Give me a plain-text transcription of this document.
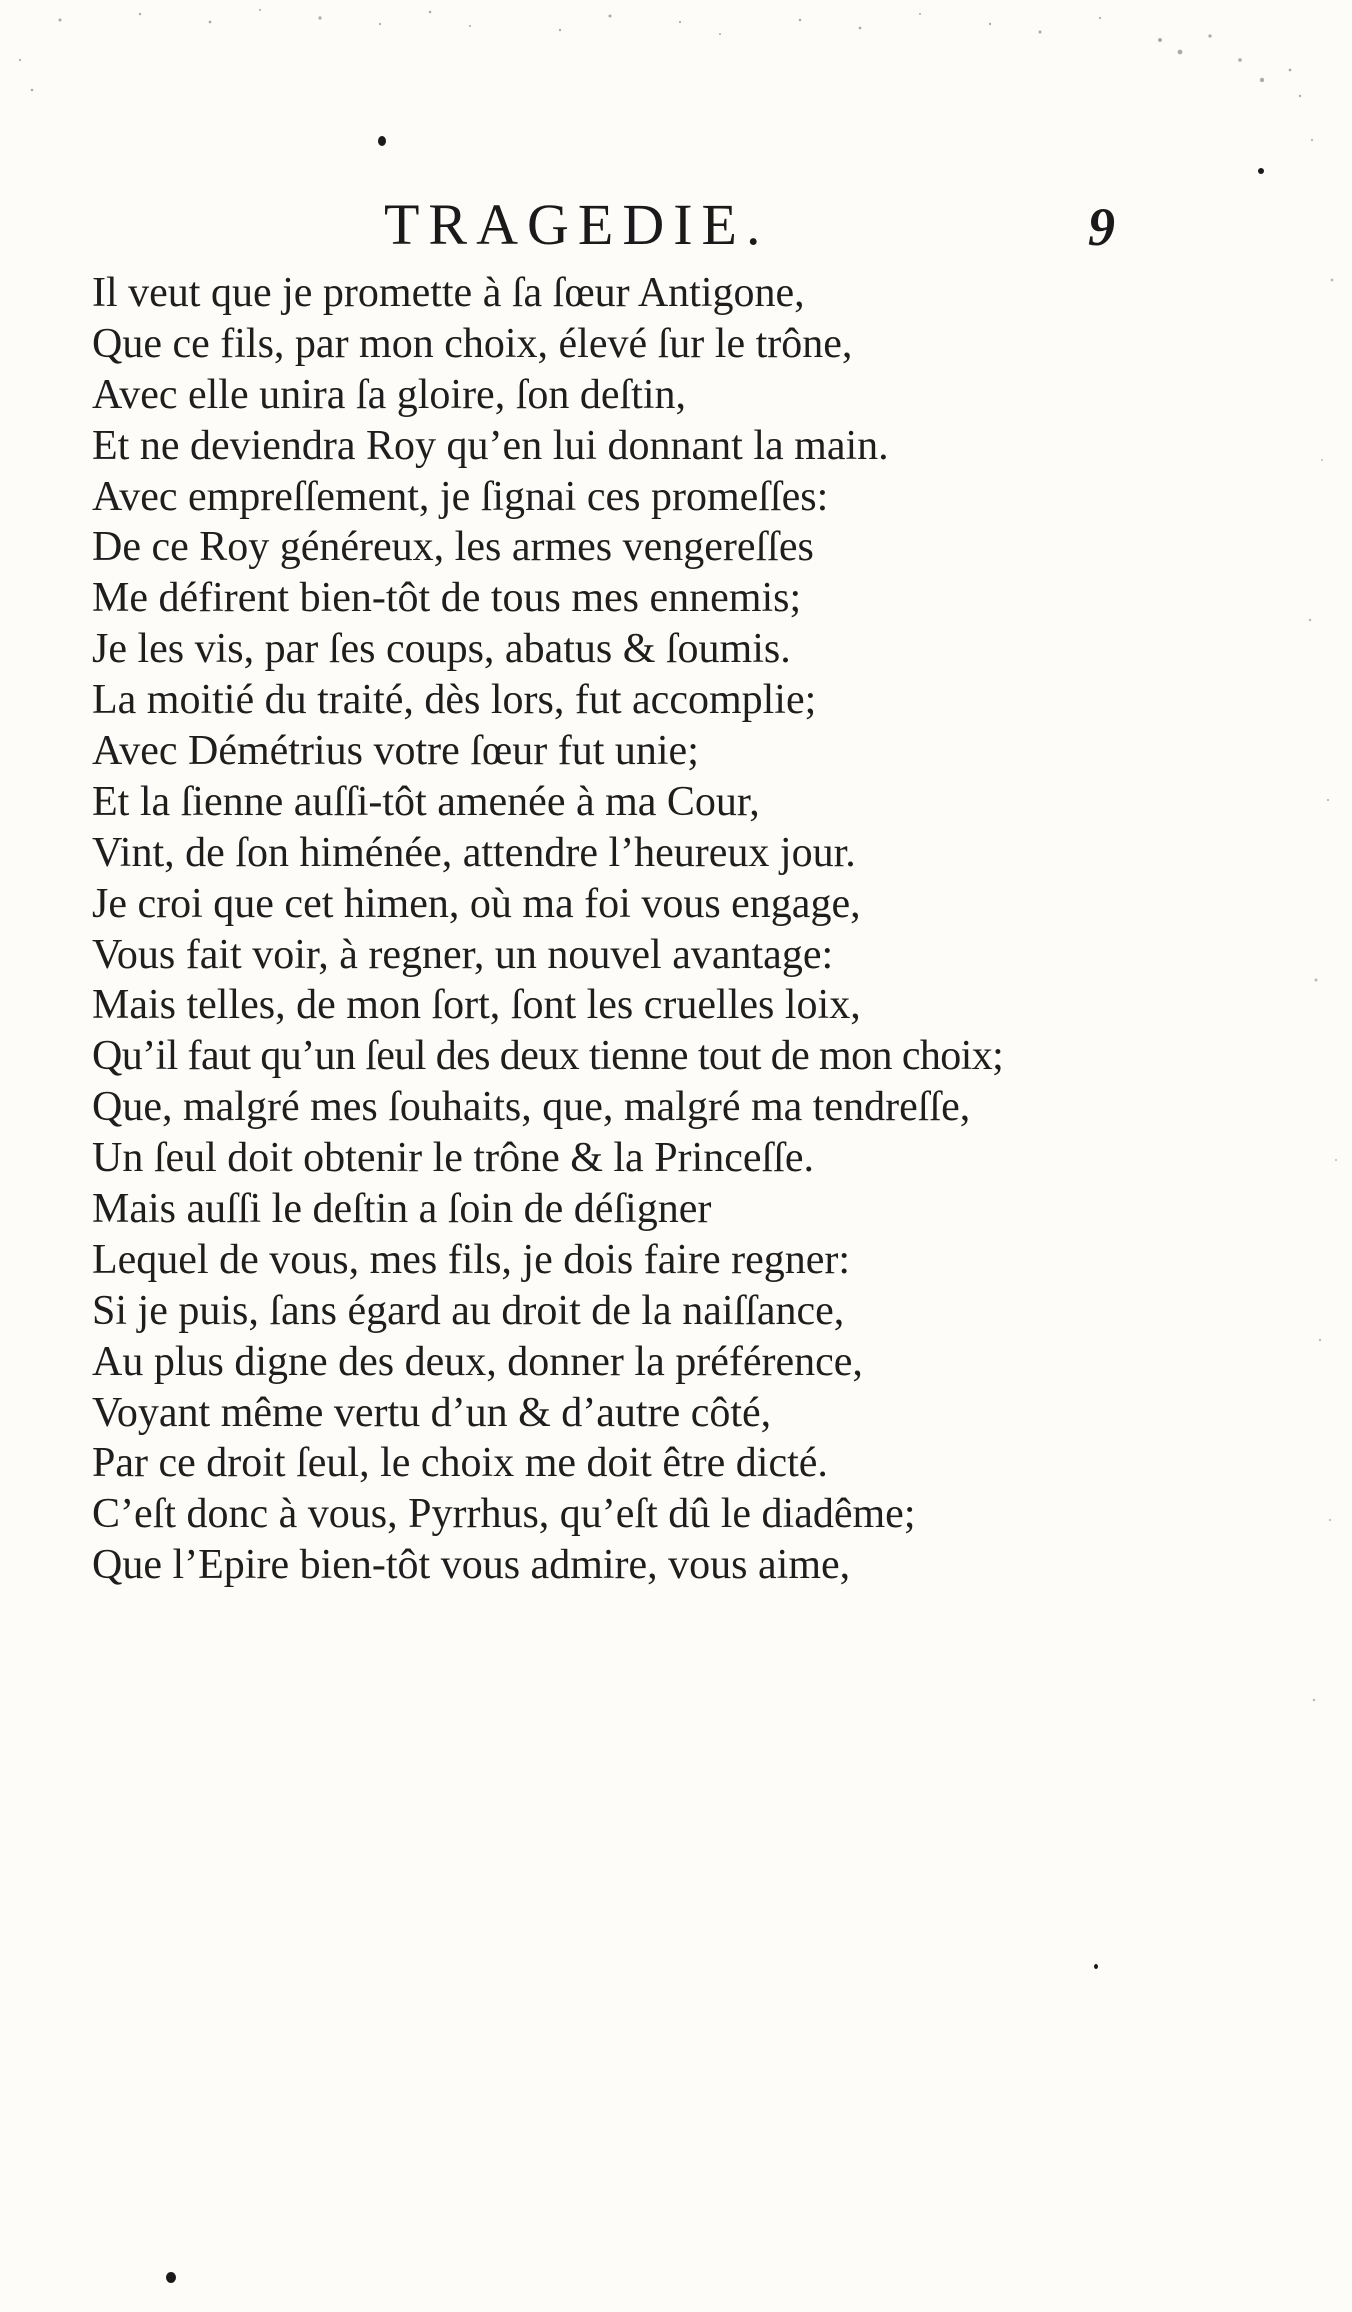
TRAGEDIE.	9
Il veut que je promette à ſa ſœur Antigone,
Que ce fils, par mon choix, élevé ſur le trône,
Avec elle unira ſa gloire, ſon deſtin,
Et ne deviendra Roy qu’en lui donnant la main.
Avec empreſſement, je ſignai ces promeſſes:
De ce Roy généreux, les armes vengereſſes
Me défirent bien-tôt de tous mes ennemis;
Je les vis, par ſes coups, abatus & ſoumis.
La moitié du traité, dès lors, fut accomplie;
Avec Démétrius votre ſœur fut unie;
Et la ſienne auſſi-tôt amenée à ma Cour,
Vint, de ſon himénée, attendre l’heureux jour.
Je croi que cet himen, où ma foi vous engage,
Vous fait voir, à regner, un nouvel avantage:
Mais telles, de mon ſort, ſont les cruelles loix,
Qu’il faut qu’un ſeul des deux tienne tout de mon choix;
Que, malgré mes ſouhaits, que, malgré ma tendreſſe,
Un ſeul doit obtenir le trône & la Princeſſe.
Mais auſſi le deſtin a ſoin de déſigner
Lequel de vous, mes fils, je dois faire regner:
Si je puis, ſans égard au droit de la naiſſance,
Au plus digne des deux, donner la préférence,
Voyant même vertu d’un & d’autre côté,
Par ce droit ſeul, le choix me doit être dicté.
C’eſt donc à vous, Pyrrhus, qu’eſt dû le diadême;
Que l’Epire bien-tôt vous admire, vous aime,
